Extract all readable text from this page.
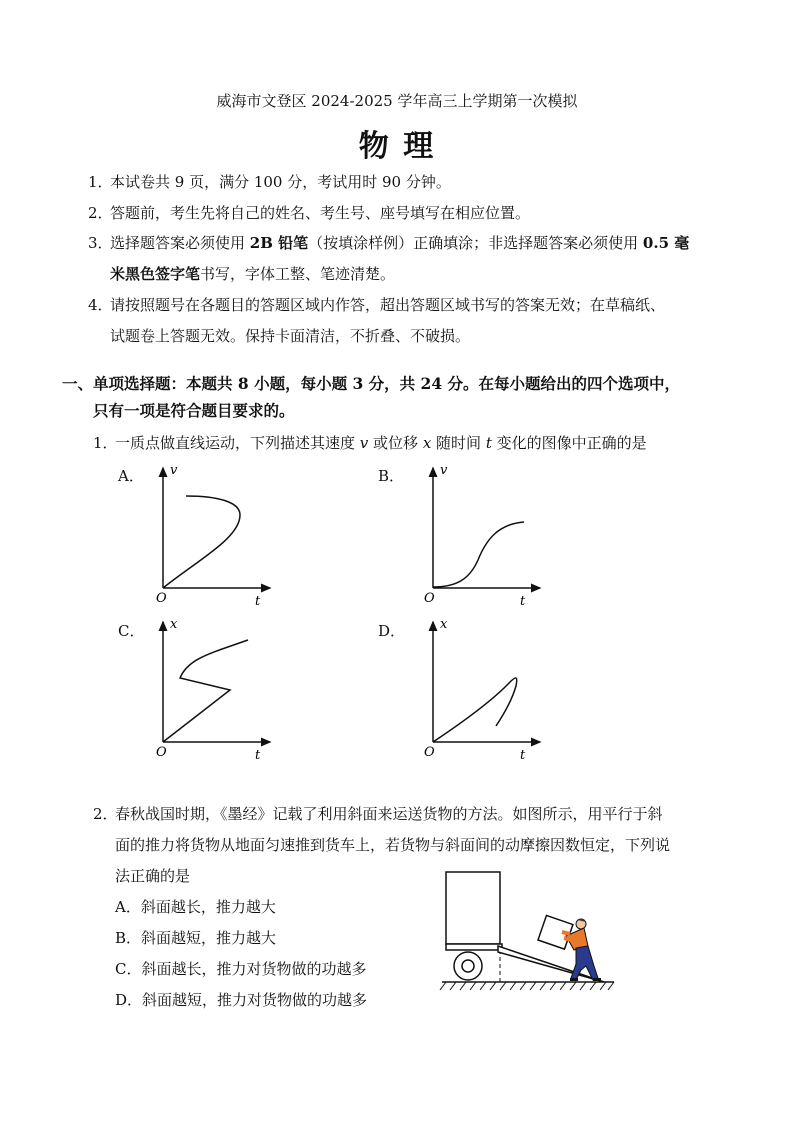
威海市文登区 2024-2025 学年高三上学期第一次模拟
物 理
1．本试卷共 9 页，满分 100 分，考试用时 90 分钟。
2．答题前，考生先将自己的姓名、考生号、座号填写在相应位置。
3．选择题答案必须使用 2B 铅笔（按填涂样例）正确填涂；非选择题答案必须使用 0.5 毫
米黑色签字笔书写，字体工整、笔迹清楚。
4．请按照题号在各题目的答题区域内作答，超出答题区域书写的答案无效；在草稿纸、
试题卷上答题无效。保持卡面清洁，不折叠、不破损。
一、单项选择题：本题共 8 小题，每小题 3 分，共 24 分。在每小题给出的四个选项中，
只有一项是符合题目要求的。
1．一质点做直线运动，下列描述其速度 v 或位移 x 随时间 t 变化的图像中正确的是
A．	B．
C．	D．
v
t
O
v
t
O
x
t
O
x
t
O
2．春秋战国时期，《墨经》记载了利用斜面来运送货物的方法。如图所示，用平行于斜
面的推力将货物从地面匀速推到货车上，若货物与斜面间的动摩擦因数恒定，下列说
法正确的是
A．斜面越长，推力越大
B．斜面越短，推力越大
C．斜面越长，推力对货物做的功越多
D．斜面越短，推力对货物做的功越多
